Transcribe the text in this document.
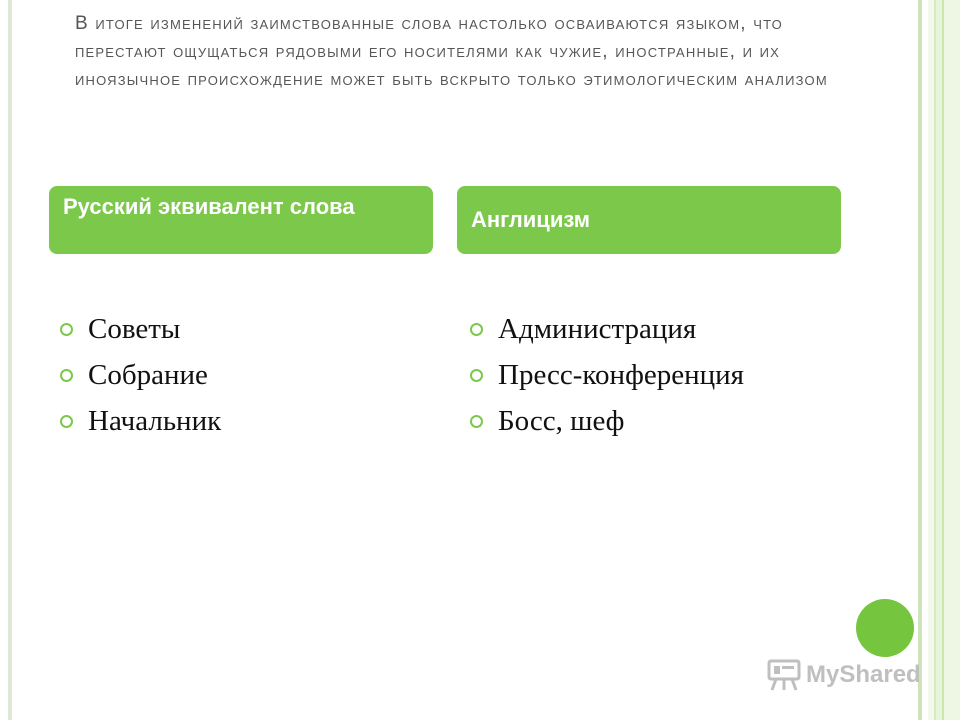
В итоге изменений заимствованные слова настолько осваиваются языком, что перестают ощущаться рядовыми его носителями как чужие, иностранные, и их иноязычное происхождение может быть вскрыто только этимологическим анализом

Русский эквивалент слова
Англицизм
Советы
Собрание
Начальник
Администрация
Пресс-конференция
Босс, шеф
MyShared
